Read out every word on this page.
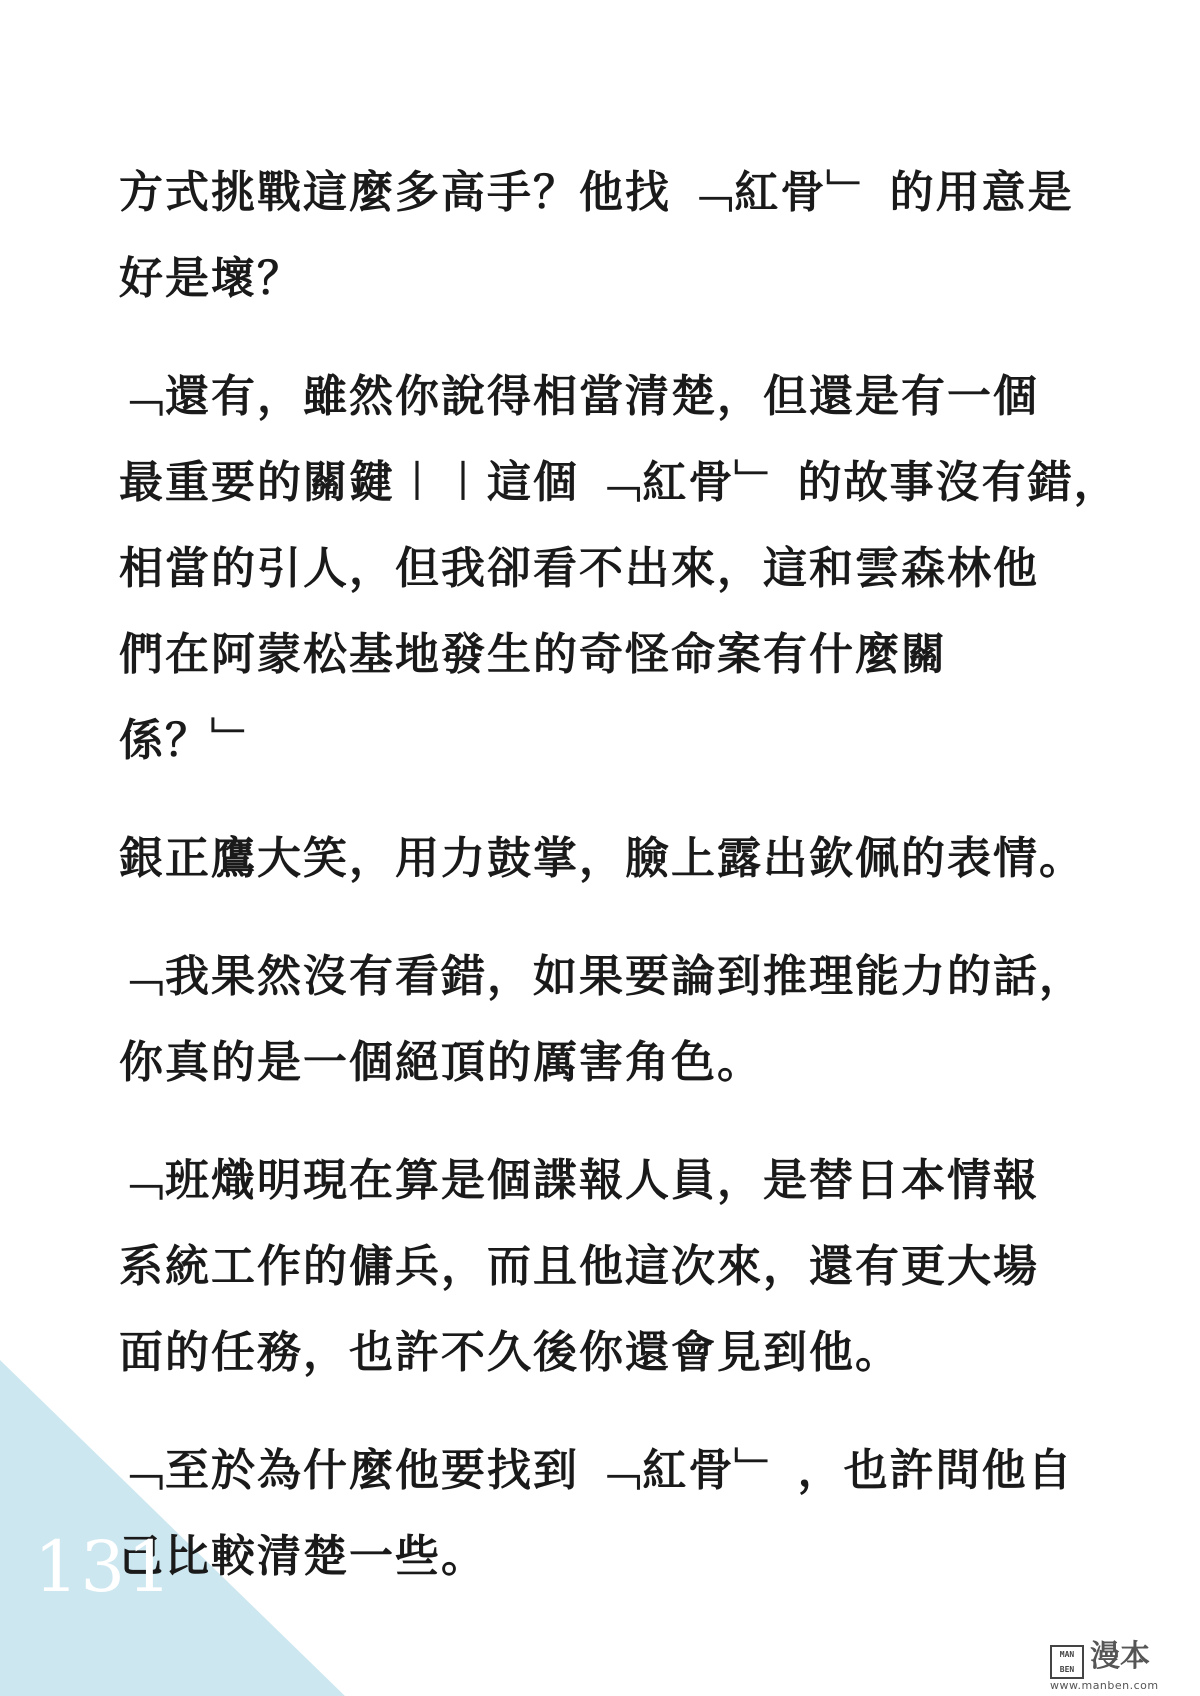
方式挑戰這麼多高手？他找 ﹁紅骨﹂ 的用意是
好是壞？
﹁還有，雖然你說得相當清楚，但還是有一個
最重要的關鍵︱︱這個 ﹁紅骨﹂ 的故事沒有錯，
相當的引人，但我卻看不出來，這和雲森林他
們在阿蒙松基地發生的奇怪命案有什麼關
係？﹂
銀正鷹大笑，用力鼓掌，臉上露出欽佩的表情。
﹁我果然沒有看錯，如果要論到推理能力的話，
你真的是一個絕頂的厲害角色。
﹁班熾明現在算是個諜報人員，是替日本情報
系統工作的傭兵，而且他這次來，還有更大場
面的任務，也許不久後你還會見到他。
﹁至於為什麼他要找到 ﹁紅骨﹂ ，也許問他自
己比較清楚一些。
131
MAN
BEN 漫本
www.manben.com
